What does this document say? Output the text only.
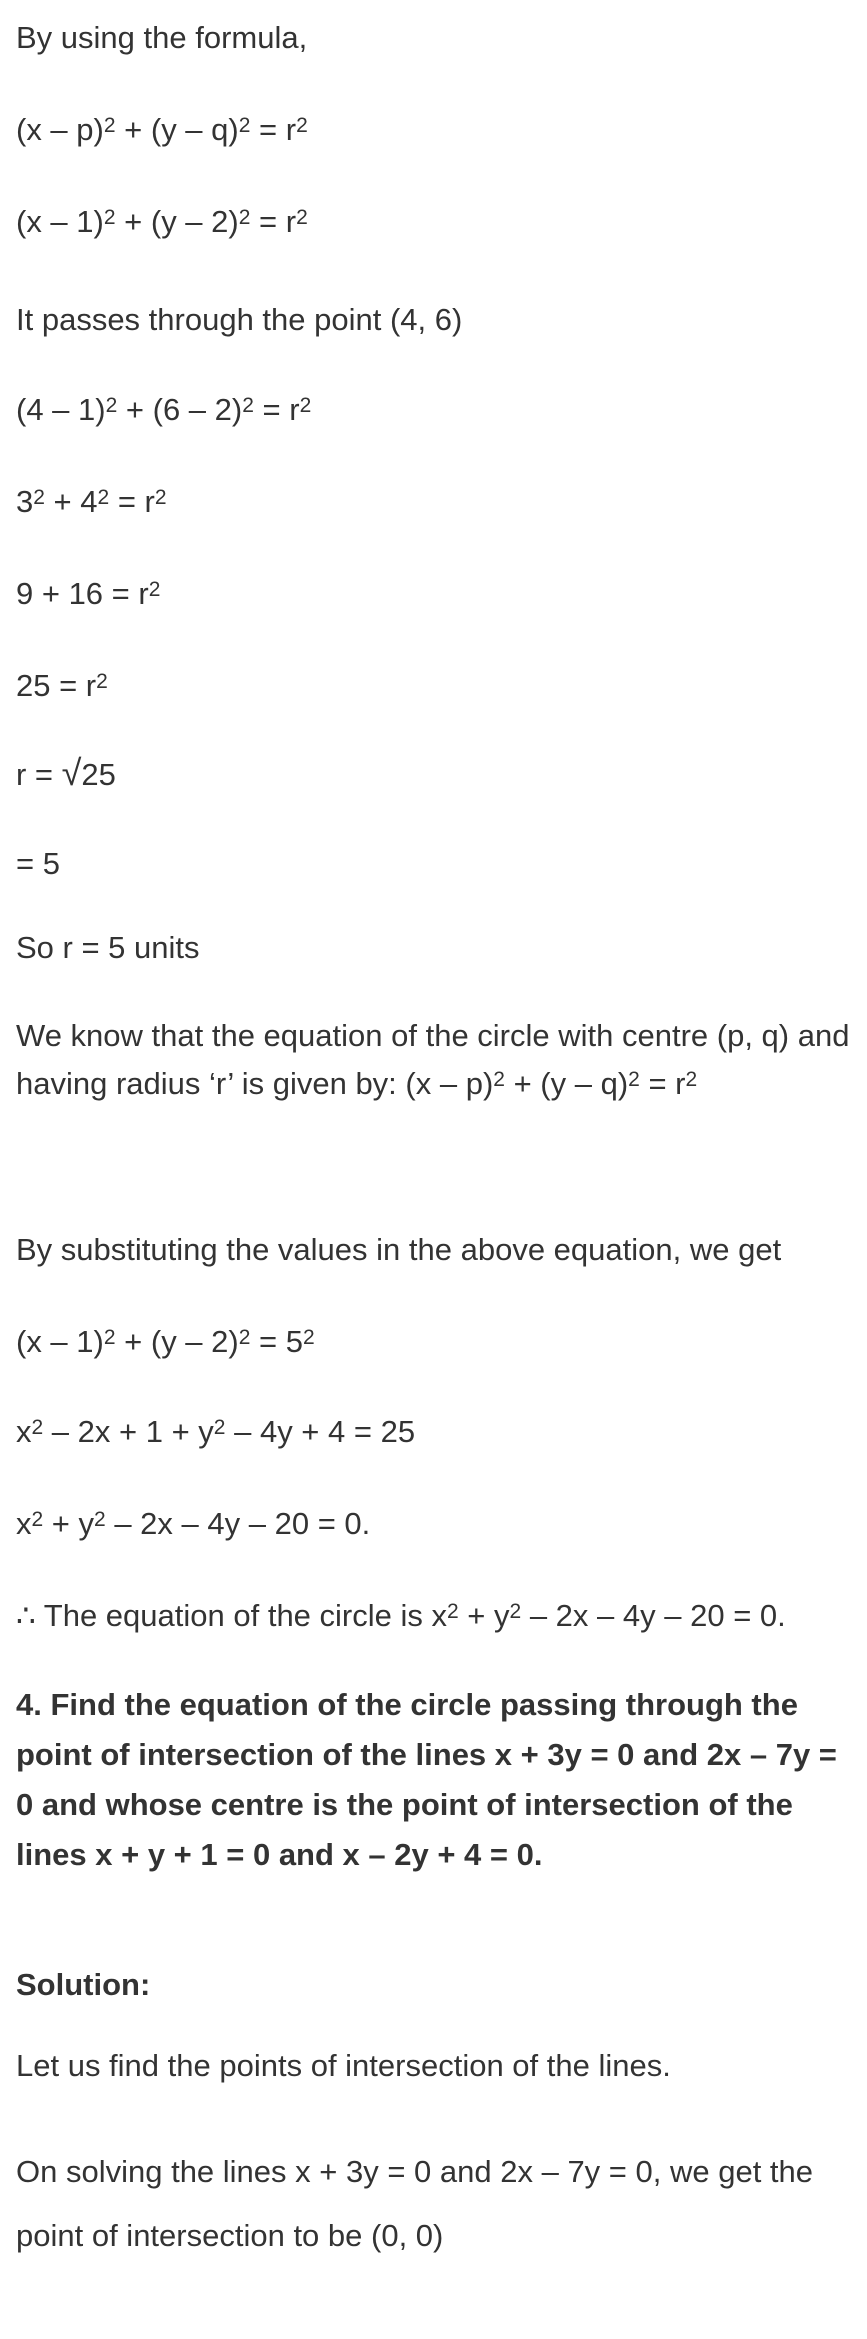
By using the formula,
$(x - p)^2 + (y - q)^2 = r^2$
$(x - 1)^2 + (y - 2)^2 = r^2$
It passes through the point (4, 6)
$(4 - 1)^2 + (6 - 2)^2 = r^2$
$3^2 + 4^2 = r^2$
$9 + 16 = r^2$
$25 = r^2$
r = √25
= 5
So r = 5 units
We know that the equation of the circle with centre (p, q) and having radius ‘r’ is given by: $(x - p)^2 + (y - q)^2 = r^2$
By substituting the values in the above equation, we get
$(x - 1)^2 + (y - 2)^2 = 5^2$
$x^2 - 2x + 1 + y^2 - 4y + 4 = 25$
$x^2 + y^2 - 2x - 4y - 20 = 0$.
∴ The equation of the circle is $x^2 + y^2 - 2x - 4y - 20 = 0$.
4. Find the equation of the circle passing through the point of intersection of the lines x + 3y = 0 and 2x – 7y = 0 and whose centre is the point of intersection of the lines x + y + 1 = 0 and x – 2y + 4 = 0.
Solution:
Let us find the points of intersection of the lines.
On solving the lines x + 3y = 0 and 2x – 7y = 0, we get the point of intersection to be (0, 0)
